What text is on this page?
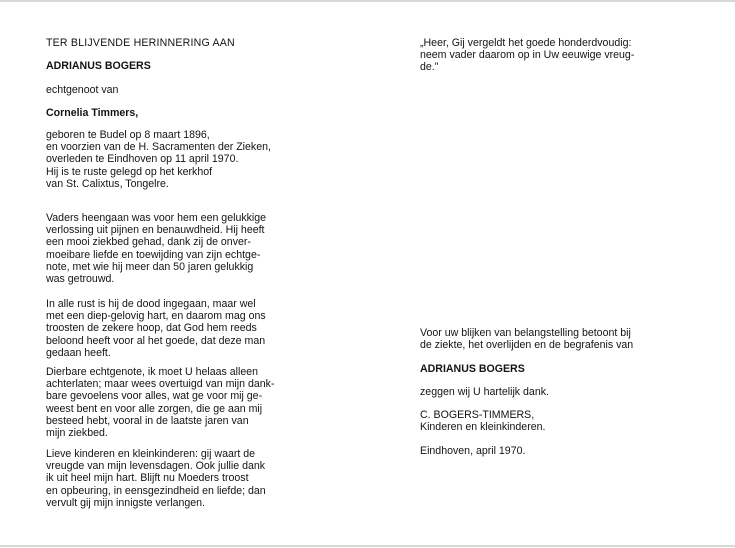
TER BLIJVENDE HERINNERING AAN
ADRIANUS BOGERS
echtgenoot van
Cornelia Timmers,
geboren te Budel op 8 maart 1896,
en voorzien van de H. Sacramenten der Zieken,
overleden te Eindhoven op 11 april 1970.
Hij is te ruste gelegd op het kerkhof
van St. Calixtus, Tongelre.
Vaders heengaan was voor hem een gelukkige
verlossing uit pijnen en benauwdheid. Hij heeft
een mooi ziekbed gehad, dank zij de onver-
moeibare liefde en toewijding van zijn echtge-
note, met wie hij meer dan 50 jaren gelukkig
was getrouwd.
In alle rust is hij de dood ingegaan, maar wel
met een diep-gelovig hart, en daarom mag ons
troosten de zekere hoop, dat God hem reeds
beloond heeft voor al het goede, dat deze man
gedaan heeft.
Dierbare echtgenote, ik moet U helaas alleen
achterlaten; maar wees overtuigd van mijn dank-
bare gevoelens voor alles, wat ge voor mij ge-
weest bent en voor alle zorgen, die ge aan mij
besteed hebt, vooral in de laatste jaren van
mijn ziekbed.
Lieve kinderen en kleinkinderen: gij waart de
vreugde van mijn levensdagen. Ook jullie dank
ik uit heel mijn hart. Blijft nu Moeders troost
en opbeuring, in eensgezindheid en liefde; dan
vervult gij mijn innigste verlangen.
„Heer, Gij vergeldt het goede honderdvoudig:
neem vader daarom op in Uw eeuwige vreug-
de."
Voor uw blijken van belangstelling betoont bij
de ziekte, het overlijden en de begrafenis van
ADRIANUS BOGERS
zeggen wij U hartelijk dank.
C. BOGERS-TIMMERS,
Kinderen en kleinkinderen.
Eindhoven, april 1970.
